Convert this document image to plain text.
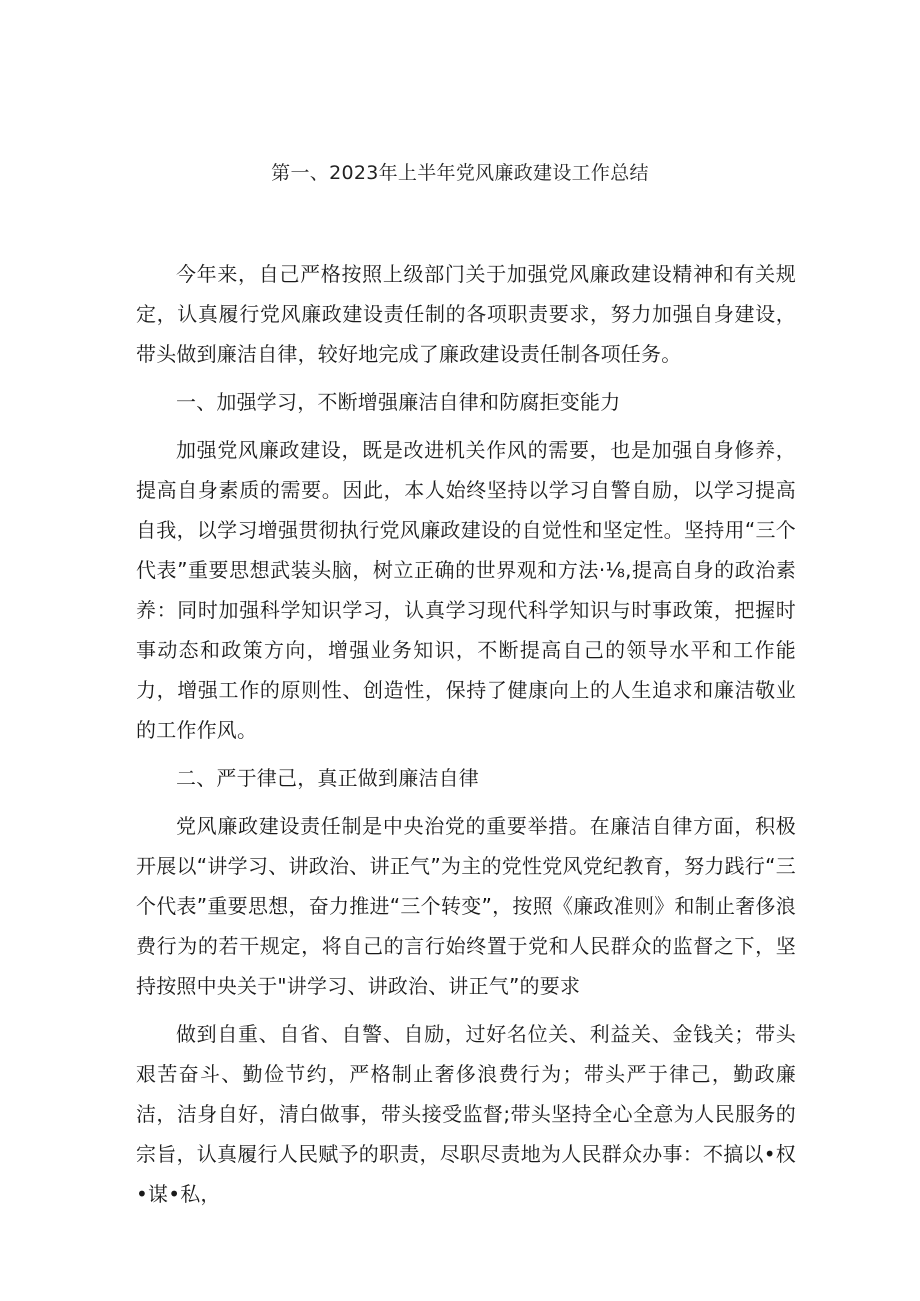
第一、2023年上半年党风廉政建设工作总结

今年来，自己严格按照上级部门关于加强党风廉政建设精神和有关规定，认真履行党风廉政建设责任制的各项职责要求，努力加强自身建设，带头做到廉洁自律，较好地完成了廉政建设责任制各项任务。

一、加强学习，不断增强廉洁自律和防腐拒变能力

加强党风廉政建设，既是改进机关作风的需要，也是加强自身修养，提高自身素质的需要。因此，本人始终坚持以学习自警自励，以学习提高自我，以学习增强贯彻执行党风廉政建设的自觉性和坚定性。坚持用“三个代表”重要思想武装头脑，树立正确的世界观和方法·⅛,提高自身的政治素养：同时加强科学知识学习，认真学习现代科学知识与时事政策，把握时事动态和政策方向，增强业务知识，不断提高自己的领导水平和工作能力，增强工作的原则性、创造性，保持了健康向上的人生追求和廉洁敬业的工作作风。

二、严于律己，真正做到廉洁自律

党风廉政建设责任制是中央治党的重要举措。在廉洁自律方面，积极开展以“讲学习、讲政治、讲正气”为主的党性党风党纪教育，努力践行“三个代表”重要思想，奋力推进“三个转变”，按照《廉政准则》和制止奢侈浪费行为的若干规定，将自己的言行始终置于党和人民群众的监督之下，坚持按照中央关于"讲学习、讲政治、讲正气”的要求

做到自重、自省、自警、自励，过好名位关、利益关、金钱关；带头艰苦奋斗、勤俭节约，严格制止奢侈浪费行为；带头严于律己，勤政廉洁，洁身自好，清白做事，带头接受监督;带头坚持全心全意为人民服务的宗旨，认真履行人民赋予的职责，尽职尽责地为人民群众办事：不搞以•权•谋•私，
